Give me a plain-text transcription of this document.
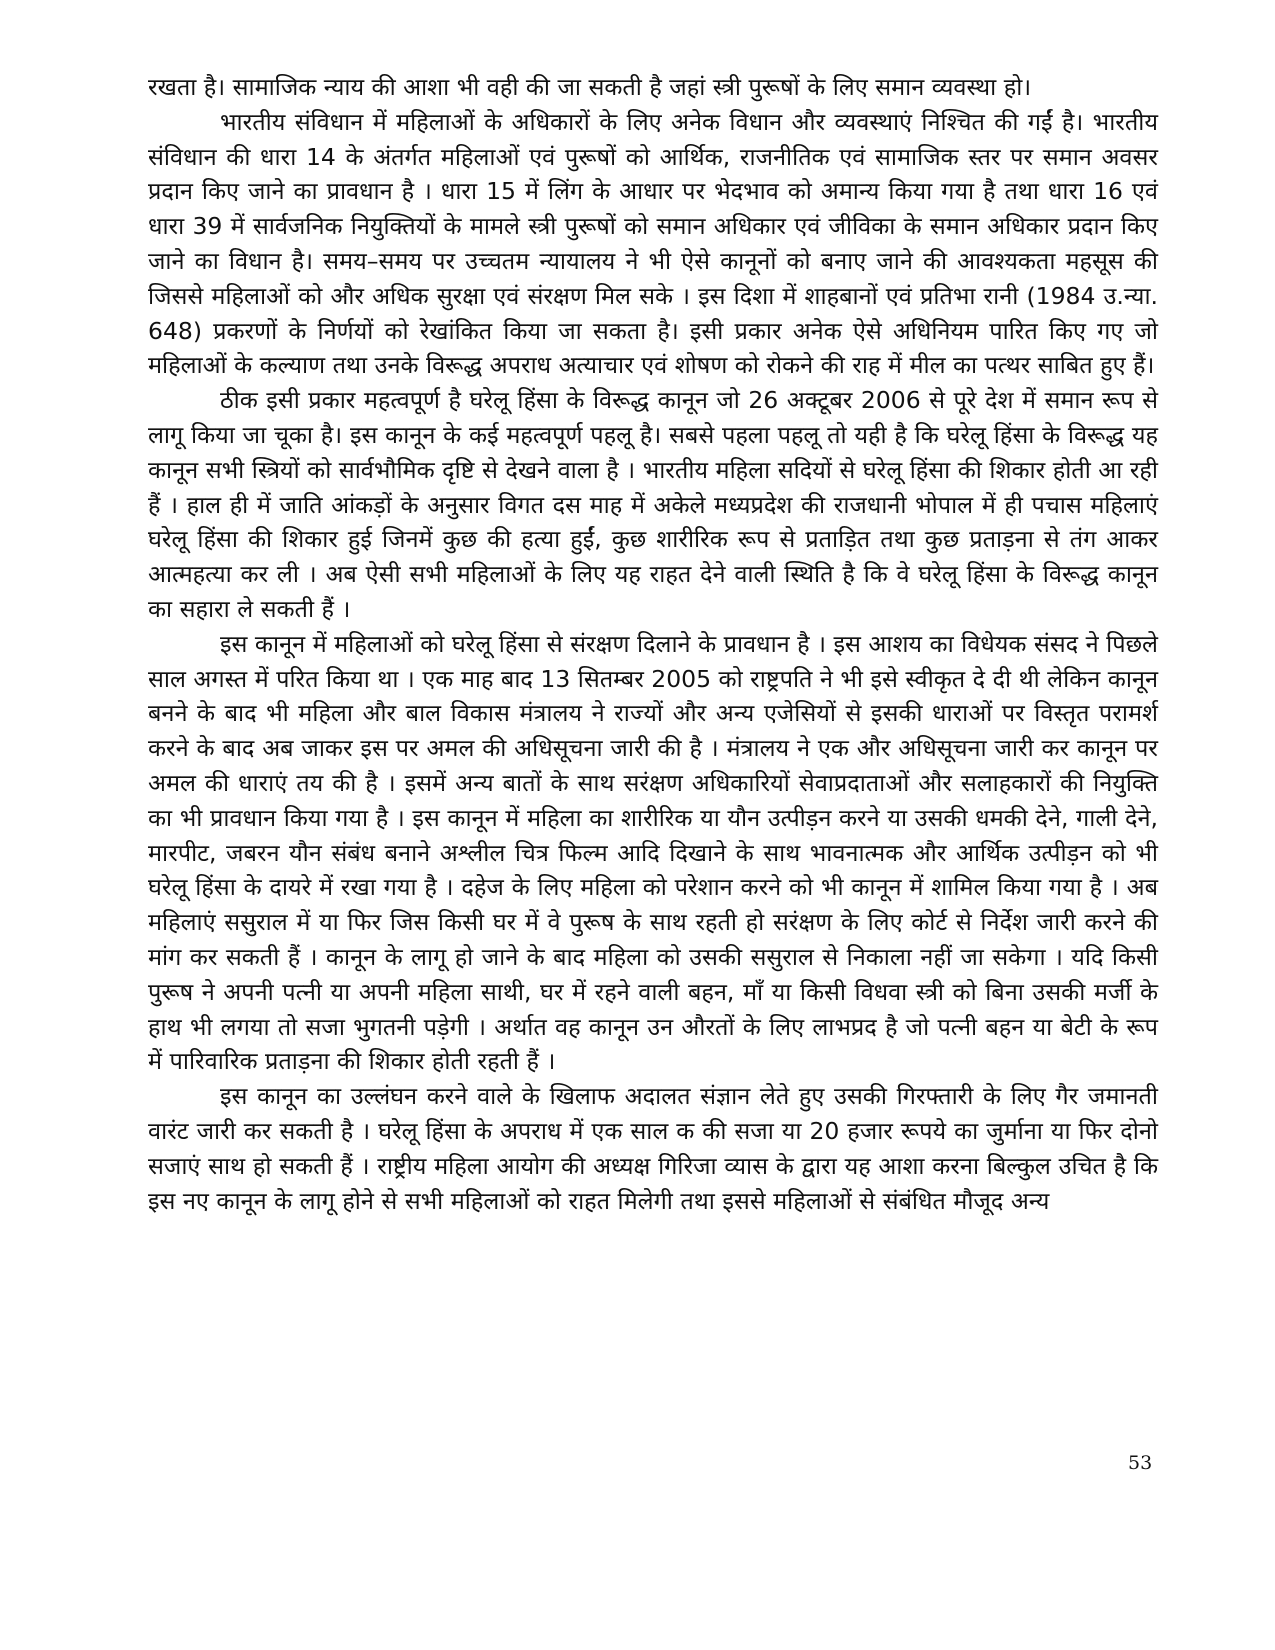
रखता है। सामाजिक न्याय की आशा भी वही की जा सकती है जहां स्त्री पुरूषों के लिए समान व्यवस्था हो।

भारतीय संविधान में महिलाओं के अधिकारों के लिए अनेक विधान और व्यवस्थाएं निश्चित की गईं है। भारतीय संविधान की धारा 14 के अंतर्गत महिलाओं एवं पुरूषों को आर्थिक, राजनीतिक एवं सामाजिक स्तर पर समान अवसर प्रदान किए जाने का प्रावधान है । धारा 15 में लिंग के आधार पर भेदभाव को अमान्य किया गया है तथा धारा 16 एवं धारा 39 में सार्वजनिक नियुक्तियों के मामले स्त्री पुरूषों को समान अधिकार एवं जीविका के समान अधिकार प्रदान किए जाने का विधान है। समय–समय पर उच्चतम न्यायालय ने भी ऐसे कानूनों को बनाए जाने की आवश्यकता महसूस की जिससे महिलाओं को और अधिक सुरक्षा एवं संरक्षण मिल सके । इस दिशा में शाहबानों एवं प्रतिभा रानी (1984 उ.न्या. 648) प्रकरणों के निर्णयों को रेखांकित किया जा सकता है। इसी प्रकार अनेक ऐसे अधिनियम पारित किए गए जो महिलाओं के कल्याण तथा उनके विरूद्ध अपराध अत्याचार एवं शोषण को रोकने की राह में मील का पत्थर साबित हुए हैं।

ठीक इसी प्रकार महत्वपूर्ण है घरेलू हिंसा के विरूद्ध कानून जो 26 अक्टूबर 2006 से पूरे देश में समान रूप से लागू किया जा चूका है। इस कानून के कई महत्वपूर्ण पहलू है। सबसे पहला पहलू तो यही है कि घरेलू हिंसा के विरूद्ध यह कानून सभी स्त्रियों को सार्वभौमिक दृष्टि से देखने वाला है । भारतीय महिला सदियों से घरेलू हिंसा की शिकार होती आ रही हैं । हाल ही में जाति आंकड़ों के अनुसार विगत दस माह में अकेले मध्यप्रदेश की राजधानी भोपाल में ही पचास महिलाएं घरेलू हिंसा की शिकार हुई जिनमें कुछ की हत्या हुईं, कुछ शारीरिक रूप से प्रताड़ित तथा कुछ प्रताड़ना से तंग आकर आत्महत्या कर ली । अब ऐसी सभी महिलाओं के लिए यह राहत देने वाली स्थिति है कि वे घरेलू हिंसा के विरूद्ध कानून का सहारा ले सकती हैं ।

इस कानून में महिलाओं को घरेलू हिंसा से संरक्षण दिलाने के प्रावधान है । इस आशय का विधेयक संसद ने पिछले साल अगस्त में परित किया था । एक माह बाद 13 सितम्बर 2005 को राष्ट्रपति ने भी इसे स्वीकृत दे दी थी लेकिन कानून बनने के बाद भी महिला और बाल विकास मंत्रालय ने राज्यों और अन्य एजेसियों से इसकी धाराओं पर विस्तृत परामर्श करने के बाद अब जाकर इस पर अमल की अधिसूचना जारी की है । मंत्रालय ने एक और अधिसूचना जारी कर कानून पर अमल की धाराएं तय की है । इसमें अन्य बातों के साथ सरंक्षण अधिकारियों सेवाप्रदाताओं और सलाहकारों की नियुक्ति का भी प्रावधान किया गया है । इस कानून में महिला का शारीरिक या यौन उत्पीड़न करने या उसकी धमकी देने, गाली देने, मारपीट, जबरन यौन संबंध बनाने अश्लील चित्र फिल्म आदि दिखाने के साथ भावनात्मक और आर्थिक उत्पीड़न को भी घरेलू हिंसा के दायरे में रखा गया है । दहेज के लिए महिला को परेशान करने को भी कानून में शामिल किया गया है । अब महिलाएं ससुराल में या फिर जिस किसी घर में वे पुरूष के साथ रहती हो सरंक्षण के लिए कोर्ट से निर्देश जारी करने की मांग कर सकती हैं । कानून के लागू हो जाने के बाद महिला को उसकी ससुराल से निकाला नहीं जा सकेगा । यदि किसी पुरूष ने अपनी पत्नी या अपनी महिला साथी, घर में रहने वाली बहन, माँ या किसी विधवा स्त्री को बिना उसकी मर्जी के हाथ भी लगया तो सजा भुगतनी पड़ेगी । अर्थात वह कानून उन औरतों के लिए लाभप्रद है जो पत्नी बहन या बेटी के रूप में पारिवारिक प्रताड़ना की शिकार होती रहती हैं ।

इस कानून का उल्लंघन करने वाले के खिलाफ अदालत संज्ञान लेते हुए उसकी गिरफ्तारी के लिए गैर जमानती वारंट जारी कर सकती है । घरेलू हिंसा के अपराध में एक साल क की सजा या 20 हजार रूपये का जुर्माना या फिर दोनो सजाएं साथ हो सकती हैं । राष्ट्रीय महिला आयोग की अध्यक्ष गिरिजा व्यास के द्वारा यह आशा करना बिल्कुल उचित है कि इस नए कानून के लागू होने से सभी महिलाओं को राहत मिलेगी तथा इससे महिलाओं से संबंधित मौजूद अन्य

53
